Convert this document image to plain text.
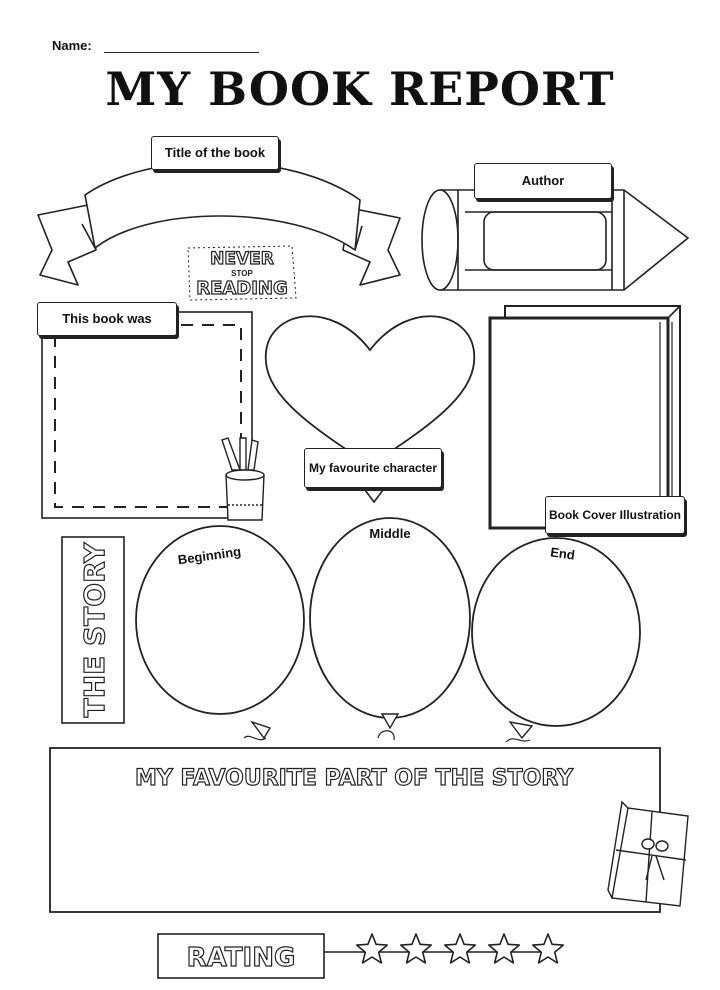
Name:
MY BOOK REPORT
NEVER
STOP
READING
THE STORY	Beginning
Middle
End
MY FAVOURITE PART OF THE STORY
RATING
Title of the book
Author
This book was
My favourite character
Book Cover Illustration
